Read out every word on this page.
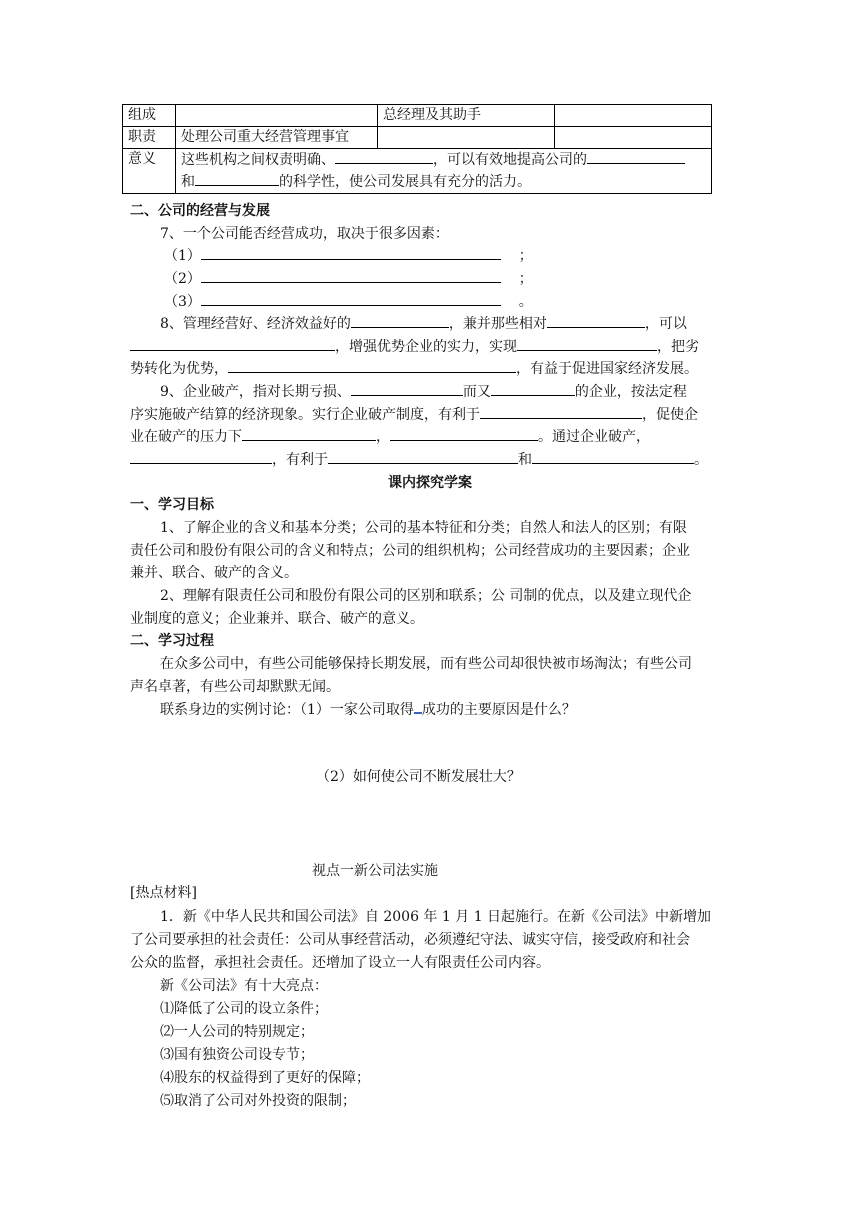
组成		总经理及其助手	
职责	处理公司重大经营管理事宜		
意义	这些机构之间权责明确、 ，可以有效地提高公司的
和 的科学性，使公司发展具有充分的活力。		
二、公司的经营与发展
7、一个公司能否经营成功，取决于很多因素：
（1）	；
（2）	；
（3）	。
8、管理经营好、经济效益好的	，兼并那些相对	，可以
，增强优势企业的实力，实现	，把劣
势转化为优势，	，有益于促进国家经济发展。
9、企业破产，指对长期亏损、	而又	的企业，按法定程
序实施破产结算的经济现象。实行企业破产制度，有利于	，促使企
业在破产的压力下	，	。通过企业破产，
，有利于	和	。
课内探究学案
一、学习目标
1、了解企业的含义和基本分类；公司的基本特征和分类；自然人和法人的区别；有限
责任公司和股份有限公司的含义和特点；公司的组织机构；公司经营成功的主要因素；企业
兼并、联合、破产的含义。
2、理解有限责任公司和股份有限公司的区别和联系；公 司制的优点，以及建立现代企
业制度的意义；企业兼并、联合、破产的意义。
二、学习过程
在众多公司中，有些公司能够保持长期发展，而有些公司却很快被市场淘汰；有些公司
声名卓著，有些公司却默默无闻。
联系身边的实例讨论：（1）一家公司取得 成功的主要原因是什么？
（2）如何使公司不断发展壮大？
视点一新公司法实施
[热点材料]
1．新《中华人民共和国公司法》自 2006 年 1 月 1 日起施行。在新《公司法》中新增加
了公司要承担的社会责任：公司从事经营活动，必须遵纪守法、诚实守信，接受政府和社会
公众的监督，承担社会责任。还增加了设立一人有限责任公司内容。
新《公司法》有十大亮点：
⑴降低了公司的设立条件；
⑵一人公司的特别规定；
⑶国有独资公司设专节；
⑷股东的权益得到了更好的保障；
⑸取消了公司对外投资的限制；
